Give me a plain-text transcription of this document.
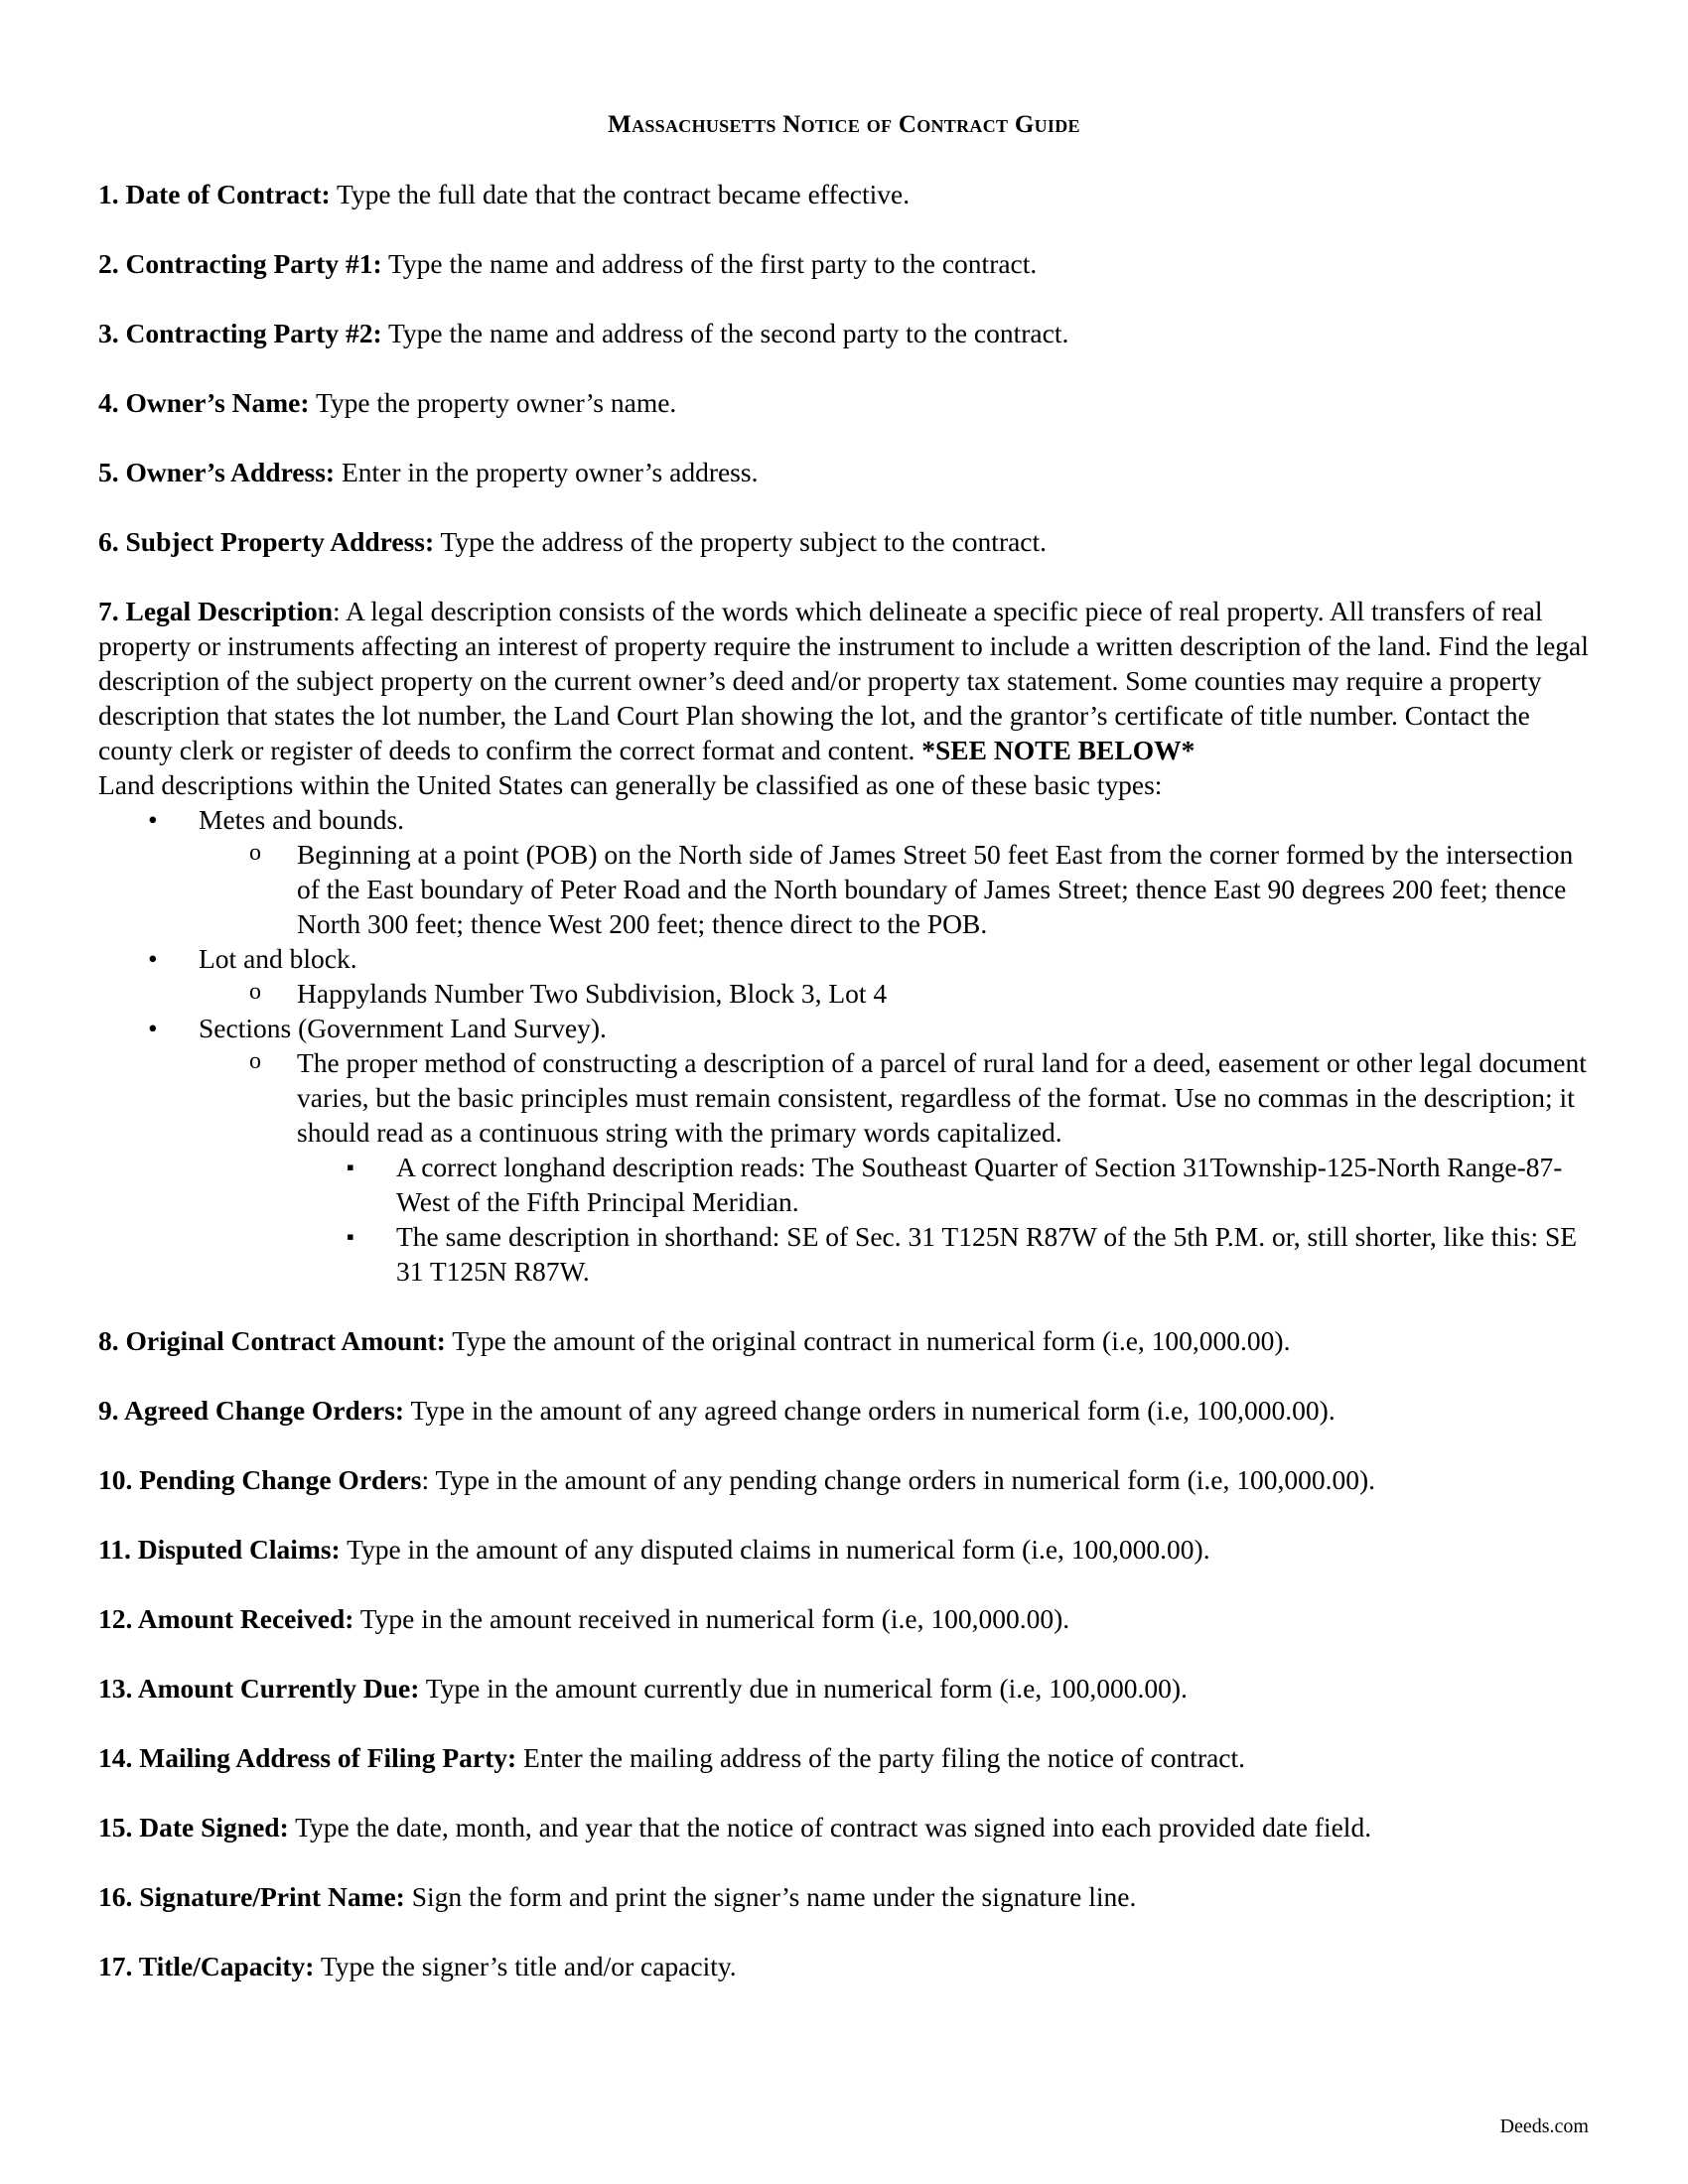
Massachusetts Notice of Contract Guide

1. Date of Contract: Type the full date that the contract became effective.

2. Contracting Party #1: Type the name and address of the first party to the contract.

3. Contracting Party #2: Type the name and address of the second party to the contract.

4. Owner’s Name: Type the property owner’s name.

5. Owner’s Address: Enter in the property owner’s address.

6. Subject Property Address: Type the address of the property subject to the contract.

7. Legal Description: A legal description consists of the words which delineate a specific piece of real property. All transfers of real property or instruments affecting an interest of property require the instrument to include a written description of the land. Find the legal description of the subject property on the current owner’s deed and/or property tax statement. Some counties may require a property description that states the lot number, the Land Court Plan showing the lot, and the grantor’s certificate of title number. Contact the county clerk or register of deeds to confirm the correct format and content. *SEE NOTE BELOW*

Land descriptions within the United States can generally be classified as one of these basic types:

• Metes and bounds.
o Beginning at a point (POB) on the North side of James Street 50 feet East from the corner formed by the intersection of the East boundary of Peter Road and the North boundary of James Street; thence East 90 degrees 200 feet; thence North 300 feet; thence West 200 feet; thence direct to the POB.
• Lot and block.
o Happylands Number Two Subdivision, Block 3, Lot 4
• Sections (Government Land Survey).
o The proper method of constructing a description of a parcel of rural land for a deed, easement or other legal document varies, but the basic principles must remain consistent, regardless of the format. Use no commas in the description; it should read as a continuous string with the primary words capitalized.
▪ A correct longhand description reads: The Southeast Quarter of Section 31Township-125-North Range-87-West of the Fifth Principal Meridian.
▪ The same description in shorthand: SE of Sec. 31 T125N R87W of the 5th P.M. or, still shorter, like this: SE 31 T125N R87W.

8. Original Contract Amount: Type the amount of the original contract in numerical form (i.e, 100,000.00).

9. Agreed Change Orders: Type in the amount of any agreed change orders in numerical form (i.e, 100,000.00).

10. Pending Change Orders: Type in the amount of any pending change orders in numerical form (i.e, 100,000.00).

11. Disputed Claims: Type in the amount of any disputed claims in numerical form (i.e, 100,000.00).

12. Amount Received: Type in the amount received in numerical form (i.e, 100,000.00).

13. Amount Currently Due: Type in the amount currently due in numerical form (i.e, 100,000.00).

14. Mailing Address of Filing Party: Enter the mailing address of the party filing the notice of contract.

15. Date Signed: Type the date, month, and year that the notice of contract was signed into each provided date field.

16. Signature/Print Name: Sign the form and print the signer’s name under the signature line.

17. Title/Capacity: Type the signer’s title and/or capacity.

Deeds.com
